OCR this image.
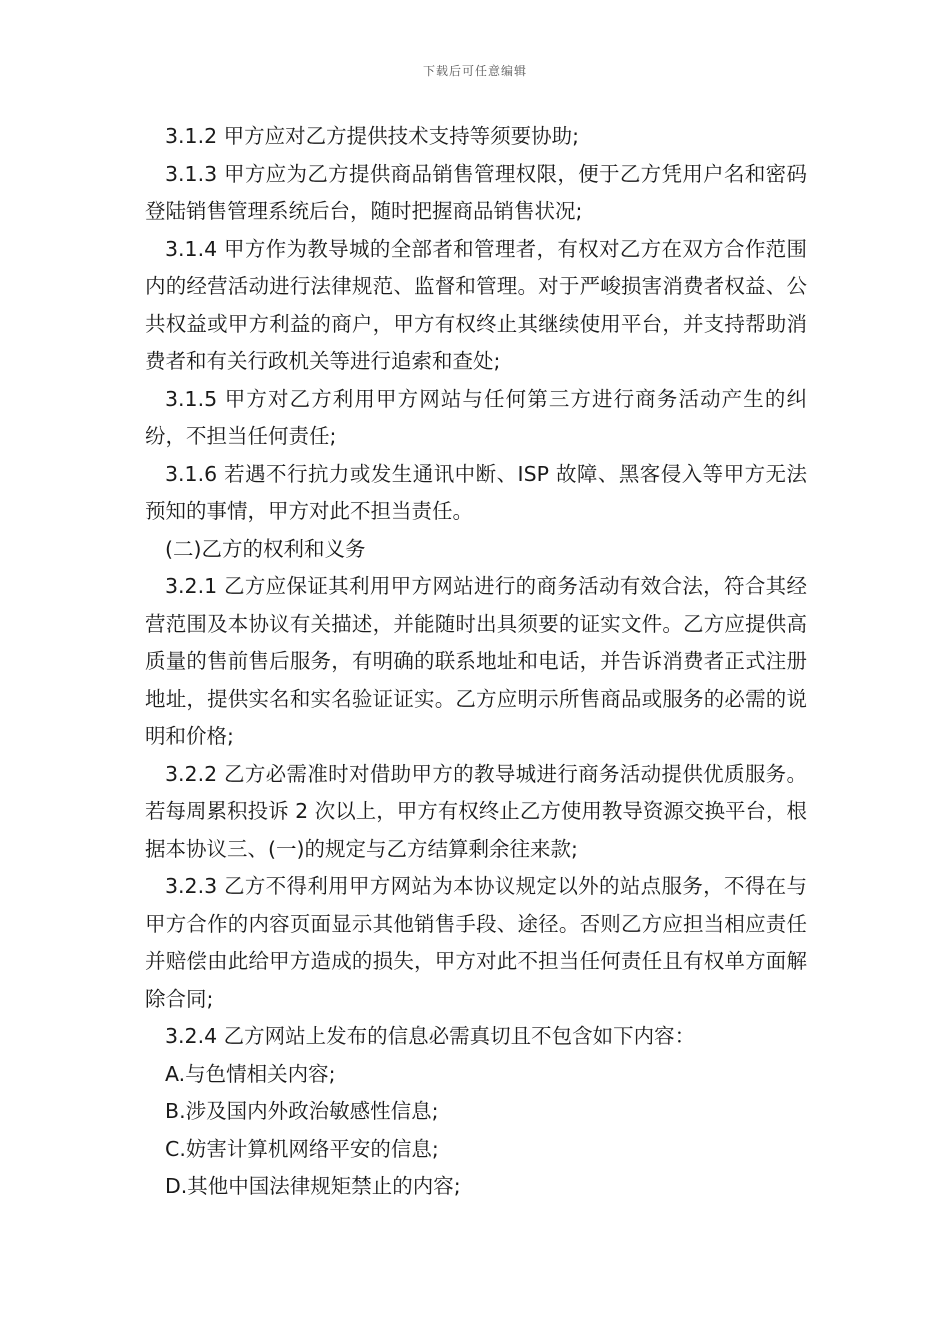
下载后可任意编辑

3.1.2 甲方应对乙方提供技术支持等须要协助;

3.1.3 甲方应为乙方提供商品销售管理权限，便于乙方凭用户名和密码登陆销售管理系统后台，随时把握商品销售状况;

3.1.4 甲方作为教导城的全部者和管理者，有权对乙方在双方合作范围内的经营活动进行法律规范、监督和管理。对于严峻损害消费者权益、公共权益或甲方利益的商户，甲方有权终止其继续使用平台，并支持帮助消费者和有关行政机关等进行追索和查处;

3.1.5 甲方对乙方利用甲方网站与任何第三方进行商务活动产生的纠纷，不担当任何责任;

3.1.6 若遇不行抗力或发生通讯中断、ISP 故障、黑客侵入等甲方无法预知的事情，甲方对此不担当责任。

(二)乙方的权利和义务

3.2.1 乙方应保证其利用甲方网站进行的商务活动有效合法，符合其经营范围及本协议有关描述，并能随时出具须要的证实文件。乙方应提供高质量的售前售后服务，有明确的联系地址和电话，并告诉消费者正式注册地址，提供实名和实名验证证实。乙方应明示所售商品或服务的必需的说明和价格;

3.2.2 乙方必需准时对借助甲方的教导城进行商务活动提供优质服务。若每周累积投诉 2 次以上，甲方有权终止乙方使用教导资源交换平台，根据本协议三、(一)的规定与乙方结算剩余往来款;

3.2.3 乙方不得利用甲方网站为本协议规定以外的站点服务，不得在与甲方合作的内容页面显示其他销售手段、途径。否则乙方应担当相应责任并赔偿由此给甲方造成的损失，甲方对此不担当任何责任且有权单方面解除合同;

3.2.4 乙方网站上发布的信息必需真切且不包含如下内容：

A.与色情相关内容;

B.涉及国内外政治敏感性信息;

C.妨害计算机网络平安的信息;

D.其他中国法律规矩禁止的内容;
